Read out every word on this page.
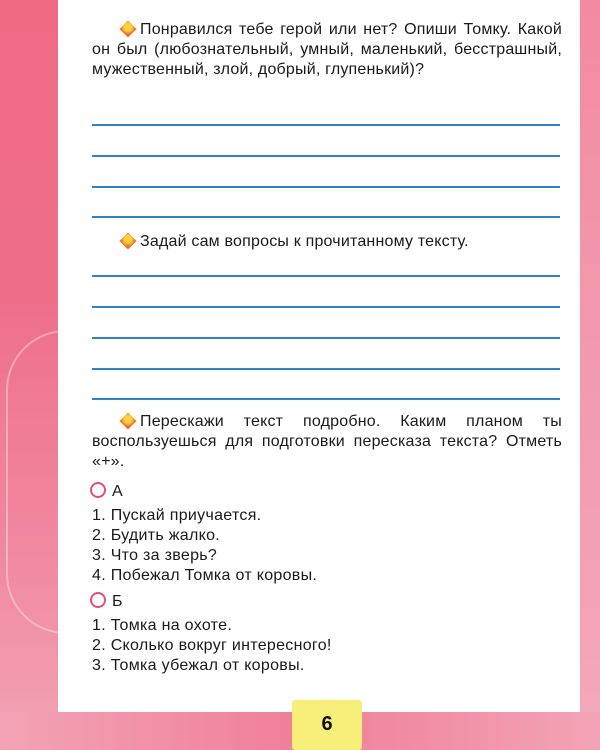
Понравился тебе герой или нет? Опиши Томку. Какой он был (любознательный, умный, маленький, бесстрашный, мужественный, злой, добрый, глупенький)?
Задай сам вопросы к прочитанному тексту.
Перескажи текст подробно. Каким планом ты воспользуешься для подготовки пересказа текста? Отметь «+».
А
1. Пускай приучается.
2. Будить жалко.
3. Что за зверь?
4. Побежал Томка от коровы.
Б
1. Томка на охоте.
2. Сколько вокруг интересного!
3. Томка убежал от коровы.
6
